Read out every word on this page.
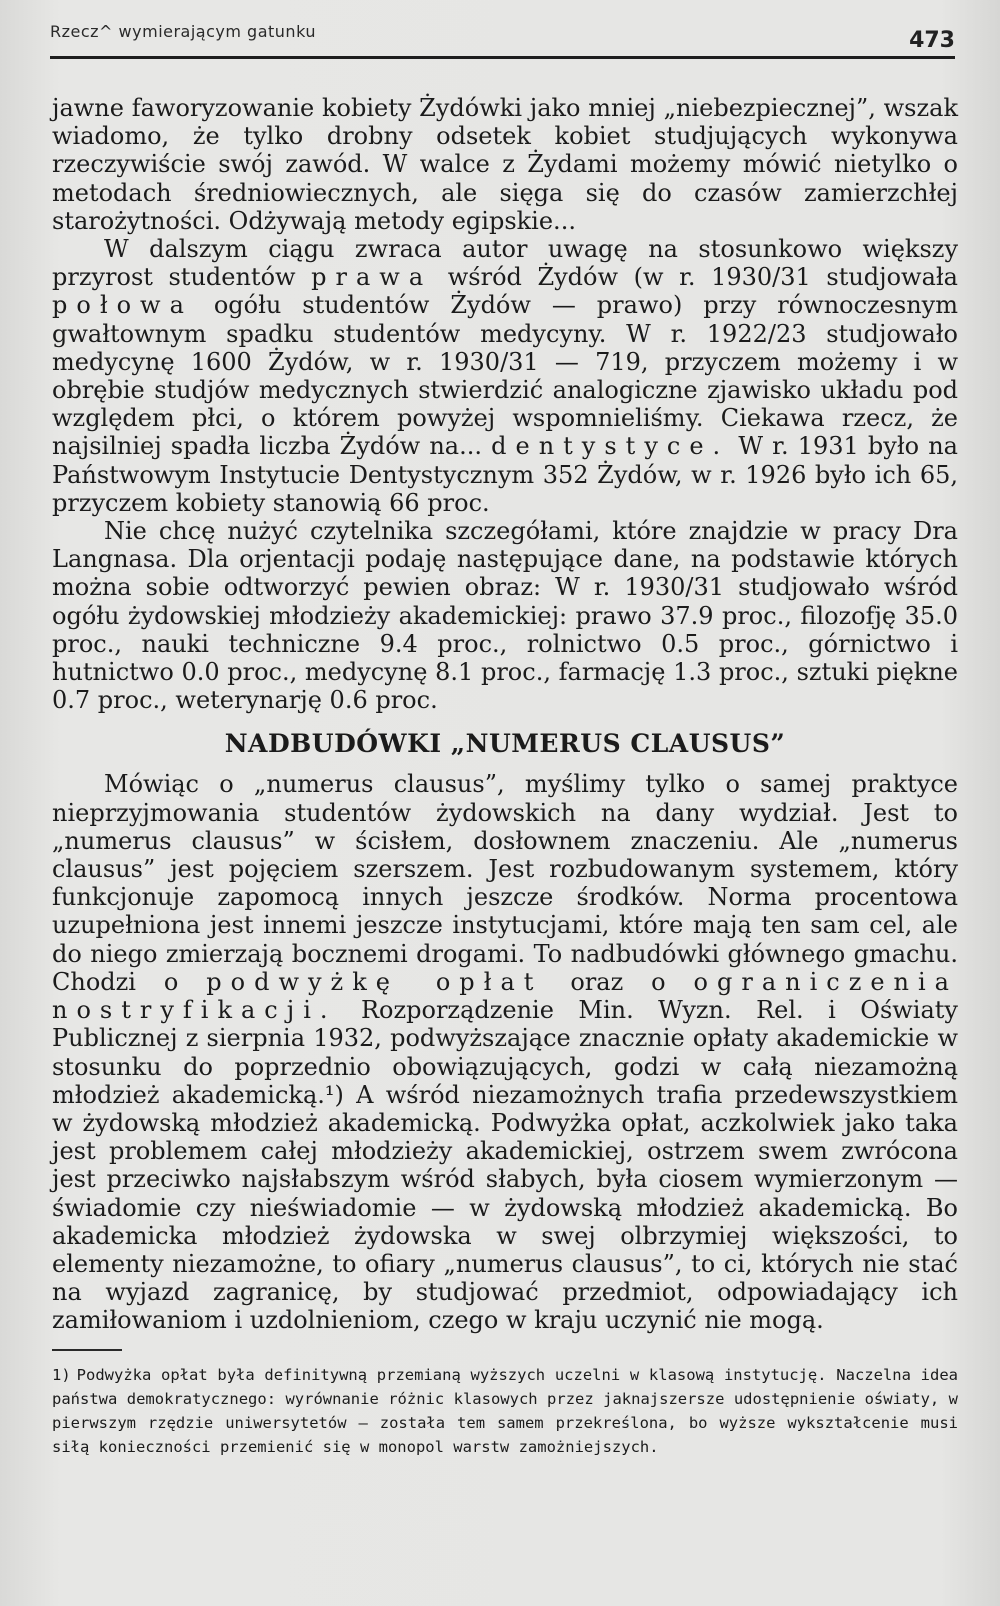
Rzecz^ wymierającym gatunku	473

jawne faworyzowanie kobiety Żydówki jako mniej „niebezpiecznej”, wszak wiadomo, że tylko drobny odsetek kobiet studjujących wykonywa rzeczywiście swój zawód. W walce z Żydami możemy mówić nietylko o metodach średniowiecznych, ale sięga się do czasów zamierzchłej starożytności. Odżywają metody egipskie...

W dalszym ciągu zwraca autor uwagę na stosunkowo większy przyrost studentów prawa wśród Żydów (w r. 1930/31 studjowała połowa ogółu studentów Żydów — prawo) przy równoczesnym gwałtownym spadku studentów medycyny. W r. 1922/23 studjowało medycynę 1600 Żydów, w r. 1930/31 — 719, przyczem możemy i w obrębie studjów medycznych stwierdzić analogiczne zjawisko układu pod względem płci, o którem powyżej wspomnieliśmy. Ciekawa rzecz, że najsilniej spadła liczba Żydów na... dentystyce. W r. 1931 było na Państwowym Instytucie Dentystycznym 352 Żydów, w r. 1926 było ich 65, przyczem kobiety stanowią 66 proc.

Nie chcę nużyć czytelnika szczegółami, które znajdzie w pracy Dra Langnasa. Dla orjentacji podaję następujące dane, na podstawie których można sobie odtworzyć pewien obraz: W r. 1930/31 studjowało wśród ogółu żydowskiej młodzieży akademickiej: prawo 37.9 proc., filozofję 35.0 proc., nauki techniczne 9.4 proc., rolnictwo 0.5 proc., górnictwo i hutnictwo 0.0 proc., medycynę 8.1 proc., farmację 1.3 proc., sztuki piękne 0.7 proc., weterynarję 0.6 proc.

NADBUDÓWKI „NUMERUS CLAUSUS”

Mówiąc o „numerus clausus”, myślimy tylko o samej praktyce nieprzyjmowania studentów żydowskich na dany wydział. Jest to „numerus clausus” w ścisłem, dosłownem znaczeniu. Ale „numerus clausus” jest pojęciem szerszem. Jest rozbudowanym systemem, który funkcjonuje zapomocą innych jeszcze środków. Norma procentowa uzupełniona jest innemi jeszcze instytucjami, które mają ten sam cel, ale do niego zmierzają bocznemi drogami. To nadbudówki głównego gmachu. Chodzi o podwyżkę opłat oraz o ograniczenia nostryfikacji. Rozporządzenie Min. Wyzn. Rel. i Oświaty Publicznej z sierpnia 1932, podwyższające znacznie opłaty akademickie w stosunku do poprzednio obowiązujących, godzi w całą niezamożną młodzież akademicką.¹) A wśród niezamożnych trafia przedewszystkiem w żydowską młodzież akademicką. Podwyżka opłat, aczkolwiek jako taka jest problemem całej młodzieży akademickiej, ostrzem swem zwrócona jest przeciwko najsłabszym wśród słabych, była ciosem wymierzonym — świadomie czy nieświadomie — w żydowską młodzież akademicką. Bo akademicka młodzież żydowska w swej olbrzymiej większości, to elementy niezamożne, to ofiary „numerus clausus”, to ci, których nie stać na wyjazd zagranicę, by studjować przedmiot, odpowiadający ich zamiłowaniom i uzdolnieniom, czego w kraju uczynić nie mogą.

1) Podwyżka opłat była definitywną przemianą wyższych uczelni w klasową instytucję. Naczelna idea państwa demokratycznego: wyrównanie różnic klasowych przez jaknajszersze udostępnienie oświaty, w pierwszym rzędzie uniwersytetów — została tem samem przekreślona, bo wyższe wykształcenie musi siłą konieczności przemienić się w monopol warstw zamożniejszych.
